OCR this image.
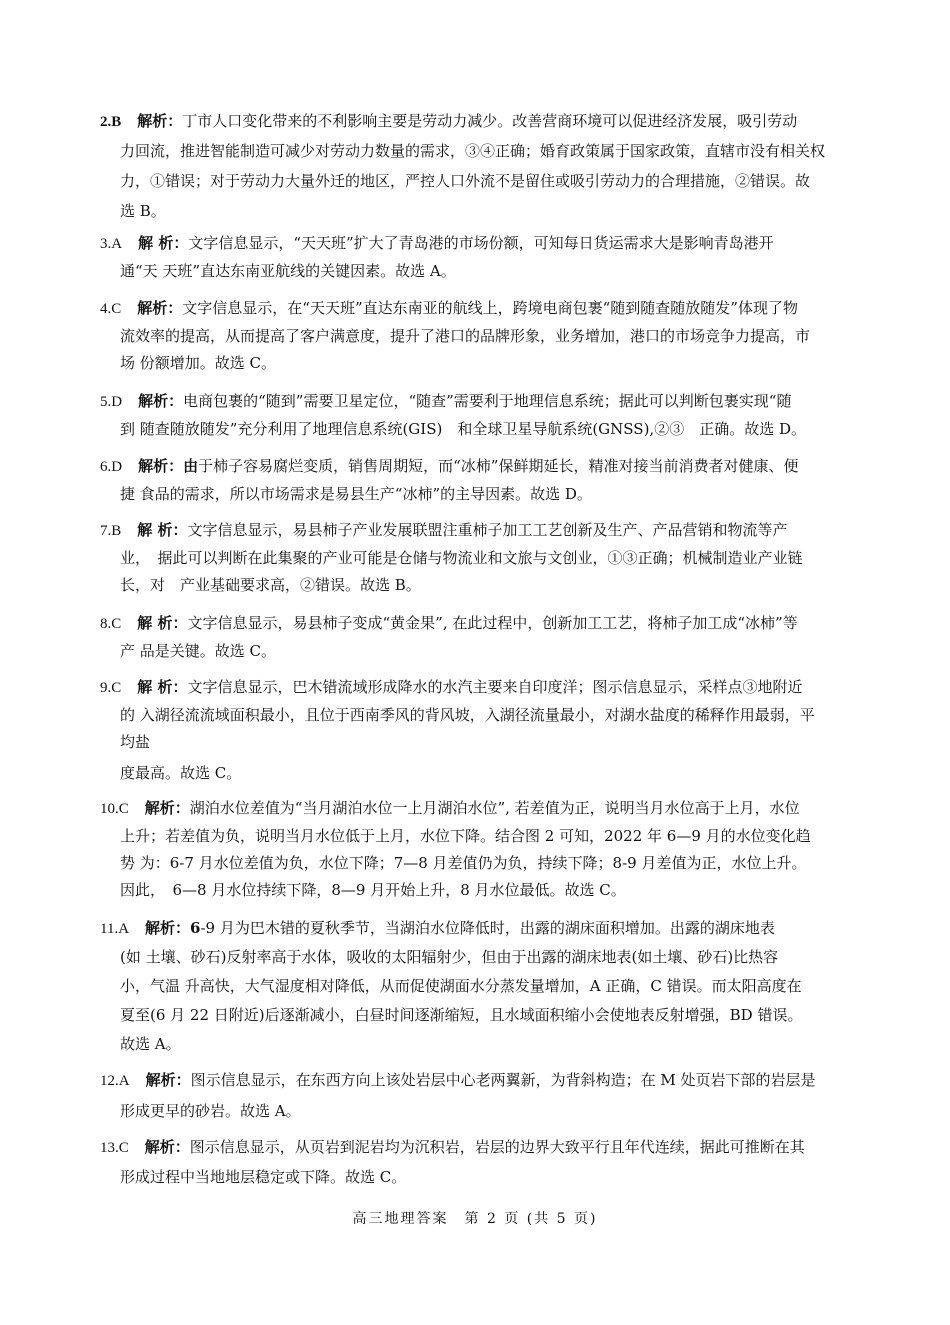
2.B 解析：丁市人口变化带来的不利影响主要是劳动力减少。改善营商环境可以促进经济发展，吸引劳动

力回流，推进智能制造可减少对劳动力数量的需求，③④正确；婚育政策属于国家政策，直辖市没有相关权

力，①错误；对于劳动力大量外迁的地区，严控人口外流不是留住或吸引劳动力的合理措施，②错误。故

选 B。

3.A 解 析：文字信息显示，“天天班”扩大了青岛港的市场份额，可知每日货运需求大是影响青岛港开

通“天 天班”直达东南亚航线的关键因素。故选 A。

4.C 解析：文字信息显示，在“天天班”直达东南亚的航线上，跨境电商包裹“随到随查随放随发”体现了物

流效率的提高，从而提高了客户满意度，提升了港口的品牌形象，业务增加，港口的市场竞争力提高，市

场 份额增加。故选 C。

5.D 解析：电商包裹的“随到”需要卫星定位，“随查”需要利于地理信息系统；据此可以判断包裹实现“随

到 随查随放随发”充分利用了地理信息系统(GIS)　和全球卫星导航系统(GNSS),②③　正确。故选 D。

6.D 解析：由于柿子容易腐烂变质，销售周期短，而“冰柿”保鲜期延长，精准对接当前消费者对健康、便

捷 食品的需求，所以市场需求是易县生产“冰柿”的主导因素。故选 D。

7.B 解 析：文字信息显示，易县柿子产业发展联盟注重柿子加工工艺创新及生产、产品营销和物流等产

业，　据此可以判断在此集聚的产业可能是仓储与物流业和文旅与文创业，①③正确；机械制造业产业链

长，对　产业基础要求高，②错误。故选 B。

8.C 解 析：文字信息显示，易县柿子变成“黄金果”, 在此过程中，创新加工工艺，将柿子加工成“冰柿”等

产 品是关键。故选 C。

9.C 解 析：文字信息显示，巴木错流域形成降水的水汽主要来自印度洋；图示信息显示，采样点③地附近

的 入湖径流流域面积最小，且位于西南季风的背风坡，入湖径流量最小，对湖水盐度的稀释作用最弱，平

均盐

度最高。故选 C。
10.C 解析：湖泊水位差值为“当月湖泊水位一上月湖泊水位”, 若差值为正，说明当月水位高于上月，水位

上升；若差值为负，说明当月水位低于上月，水位下降。结合图 2 可知，2022 年 6—9 月的水位变化趋

势 为：6-7 月水位差值为负，水位下降；7—8 月差值仍为负，持续下降；8-9 月差值为正，水位上升。

因此，　6—8 月水位持续下降，8—9 月开始上升，8 月水位最低。故选 C。

11.A 解析：6-9 月为巴木错的夏秋季节，当湖泊水位降低时，出露的湖床面积增加。出露的湖床地表

(如 土壤、砂石)反射率高于水体，吸收的太阳辐射少，但由于出露的湖床地表(如土壤、砂石)比热容

小，气温 升高快，大气湿度相对降低，从而促使湖面水分蒸发量增加，A 正确，C 错误。而太阳高度在

夏至(6 月 22 日附近)后逐渐减小，白昼时间逐渐缩短，且水域面积缩小会使地表反射增强，BD 错误。

故选 A。

12.A 解析：图示信息显示，在东西方向上该处岩层中心老两翼新，为背斜构造；在 M 处页岩下部的岩层是

形成更早的砂岩。故选 A。

13.C 解析：图示信息显示，从页岩到泥岩均为沉积岩，岩层的边界大致平行且年代连续，据此可推断在其

形成过程中当地地层稳定或下降。故选 C。

高三地理答案　第 2 页 (共 5 页)
